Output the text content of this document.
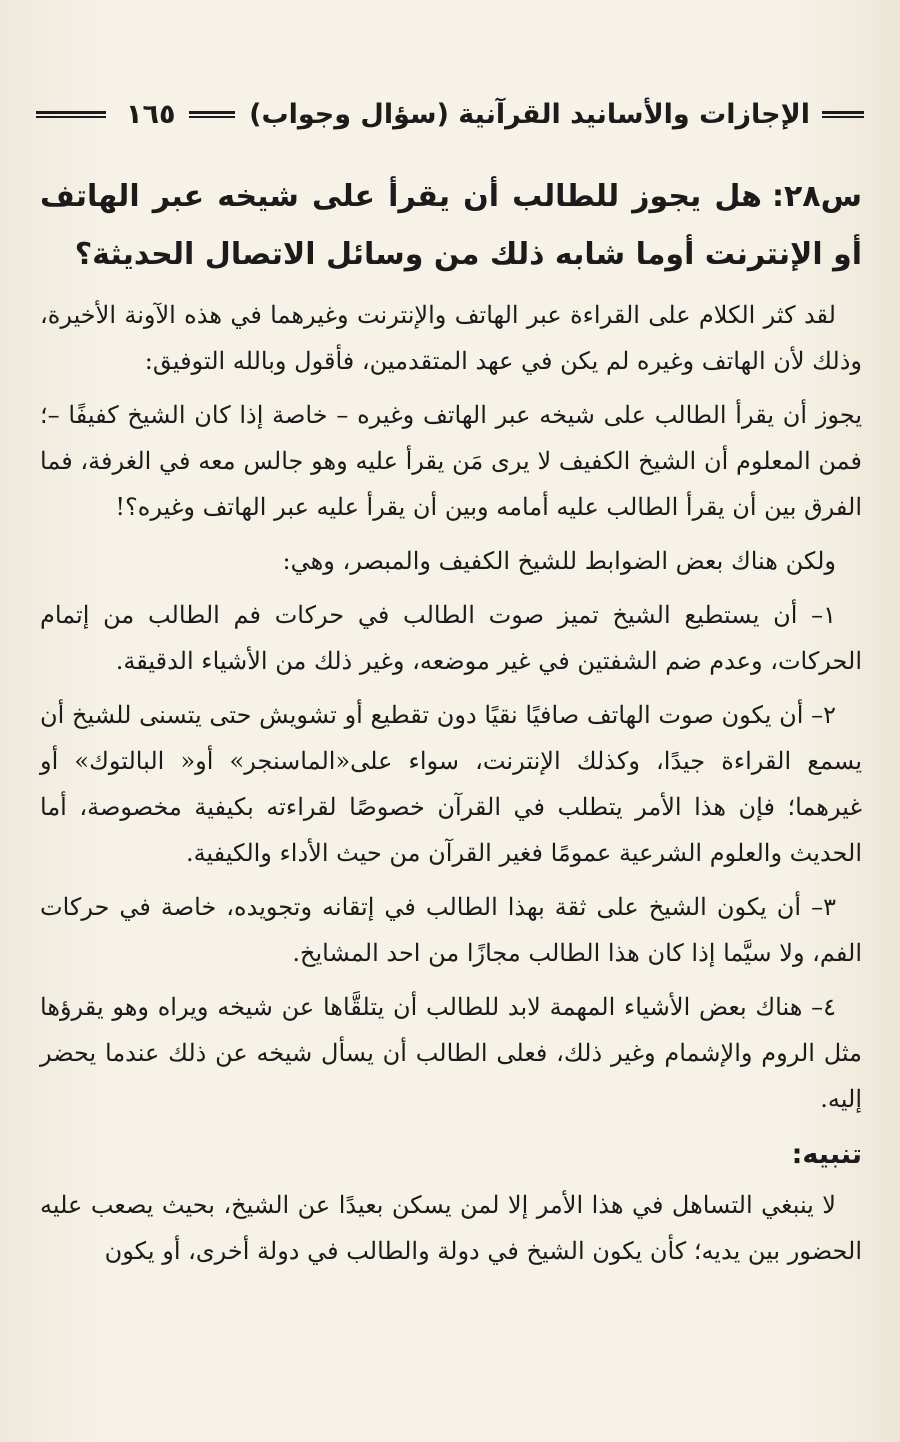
الإجازات والأسانيد القرآنية (سؤال وجواب)
١٦٥
س٢٨:هل يجوز للطالب أن يقرأ على شيخه عبر الهاتف أو الإنترنت أوما شابه ذلك من وسائل الاتصال الحديثة؟

لقد كثر الكلام على القراءة عبر الهاتف والإنترنت وغيرهما في هذه الآونة الأخيرة، وذلك لأن الهاتف وغيره لم يكن في عهد المتقدمين، فأقول وبالله التوفيق:

يجوز أن يقرأ الطالب على شيخه عبر الهاتف وغيره – خاصة إذا كان الشيخ كفيفًا –؛ فمن المعلوم أن الشيخ الكفيف لا يرى مَن يقرأ عليه وهو جالس معه في الغرفة، فما الفرق بين أن يقرأ الطالب عليه أمامه وبين أن يقرأ عليه عبر الهاتف وغيره؟!

ولكن هناك بعض الضوابط للشيخ الكفيف والمبصر، وهي:

١– أن يستطيع الشيخ تميز صوت الطالب في حركات فم الطالب من إتمام الحركات، وعدم ضم الشفتين في غير موضعه، وغير ذلك من الأشياء الدقيقة.

٢– أن يكون صوت الهاتف صافيًا نقيًا دون تقطيع أو تشويش حتى يتسنى للشيخ أن يسمع القراءة جيدًا، وكذلك الإنترنت، سواء على«الماسنجر» أو« البالتوك» أو غيرهما؛ فإن هذا الأمر يتطلب في القرآن خصوصًا لقراءته بكيفية مخصوصة، أما الحديث والعلوم الشرعية عمومًا فغير القرآن من حيث الأداء والكيفية.

٣– أن يكون الشيخ على ثقة بهذا الطالب في إتقانه وتجويده، خاصة في حركات الفم، ولا سيَّما إذا كان هذا الطالب مجازًا من احد المشايخ.

٤– هناك بعض الأشياء المهمة لابد للطالب أن يتلقَّاها عن شيخه ويراه وهو يقرؤها مثل الروم والإشمام وغير ذلك، فعلى الطالب أن يسأل شيخه عن ذلك عندما يحضر إليه.

تنبيه:

لا ينبغي التساهل في هذا الأمر إلا لمن يسكن بعيدًا عن الشيخ، بحيث يصعب عليه الحضور بين يديه؛ كأن يكون الشيخ في دولة والطالب في دولة أخرى، أو يكون
